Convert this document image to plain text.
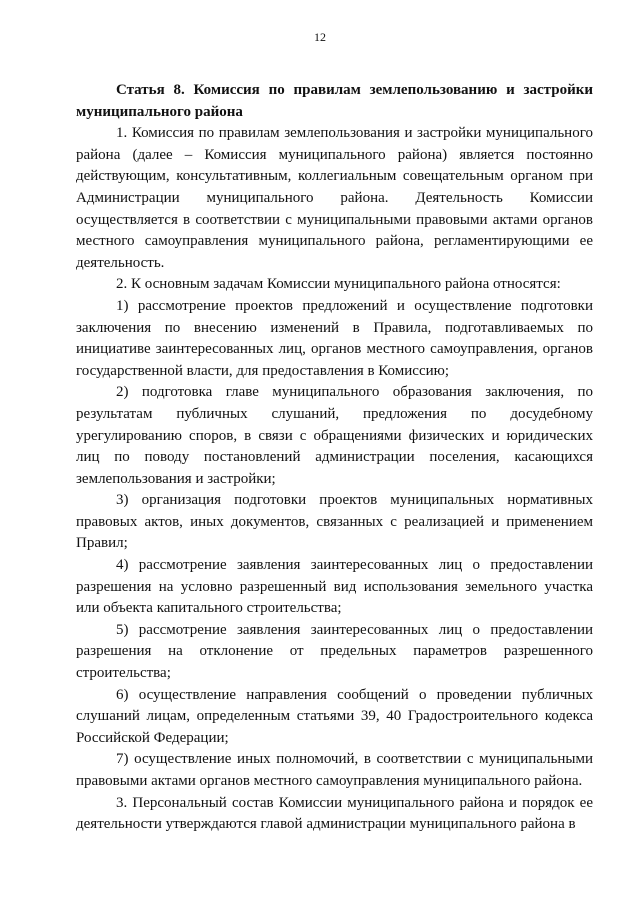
12

Статья 8. Комиссия по правилам землепользованию и застройки муниципального района

1. Комиссия по правилам землепользования и застройки муниципального района (далее – Комиссия муниципального района) является постоянно действующим, консультативным, коллегиальным совещательным органом при Администрации муниципального района. Деятельность Комиссии осуществляется в соответствии с муниципальными правовыми актами органов местного самоуправления муниципального района, регламентирующими ее деятельность.

2. К основным задачам Комиссии муниципального района относятся:

1) рассмотрение проектов предложений и осуществление подготовки заключения по внесению изменений в Правила, подготавливаемых по инициативе заинтересованных лиц, органов местного самоуправления, органов государственной власти, для предоставления в Комиссию;

2) подготовка главе муниципального образования заключения, по результатам публичных слушаний, предложения по досудебному урегулированию споров, в связи с обращениями физических и юридических лиц по поводу постановлений администрации поселения, касающихся землепользования и застройки;

3) организация подготовки проектов муниципальных нормативных правовых актов, иных документов, связанных с реализацией и применением Правил;

4) рассмотрение заявления заинтересованных лиц о предоставлении разрешения на условно разрешенный вид использования земельного участка или объекта капитального строительства;

5) рассмотрение заявления заинтересованных лиц о предоставлении разрешения на отклонение от предельных параметров разрешенного строительства;

6) осуществление направления сообщений о проведении публичных слушаний лицам, определенным статьями 39, 40 Градостроительного кодекса Российской Федерации;

7) осуществление иных полномочий, в соответствии с муниципальными правовыми актами органов местного самоуправления муниципального района.

3. Персональный состав Комиссии муниципального района и порядок ее деятельности утверждаются главой администрации муниципального района в
